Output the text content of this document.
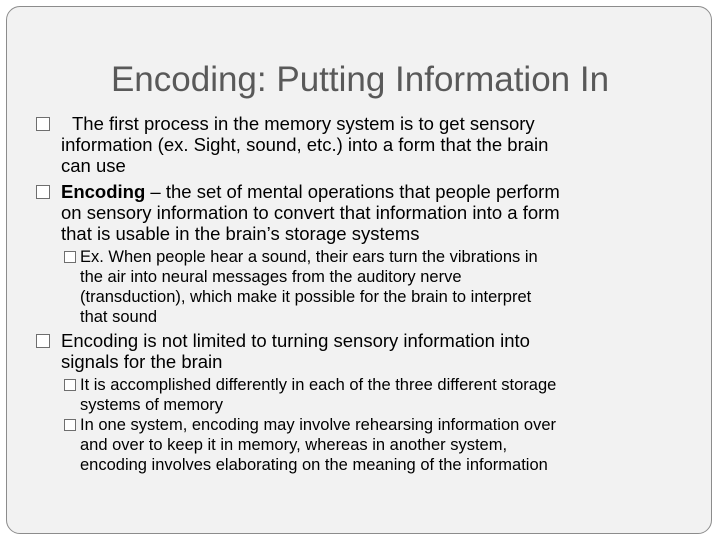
Encoding: Putting Information In
The first process in the memory system is to get sensory
information (ex. Sight, sound, etc.) into a form that the brain
can use
Encoding – the set of mental operations that people perform
on sensory information to convert that information into a form
that is usable in the brain’s storage systems
Ex. When people hear a sound, their ears turn the vibrations in
the air into neural messages from the auditory nerve
(transduction), which make it possible for the brain to interpret
that sound
Encoding is not limited to turning sensory information into
signals for the brain
It is accomplished differently in each of the three different storage
systems of memory
In one system, encoding may involve rehearsing information over
and over to keep it in memory, whereas in another system,
encoding involves elaborating on the meaning of the information
